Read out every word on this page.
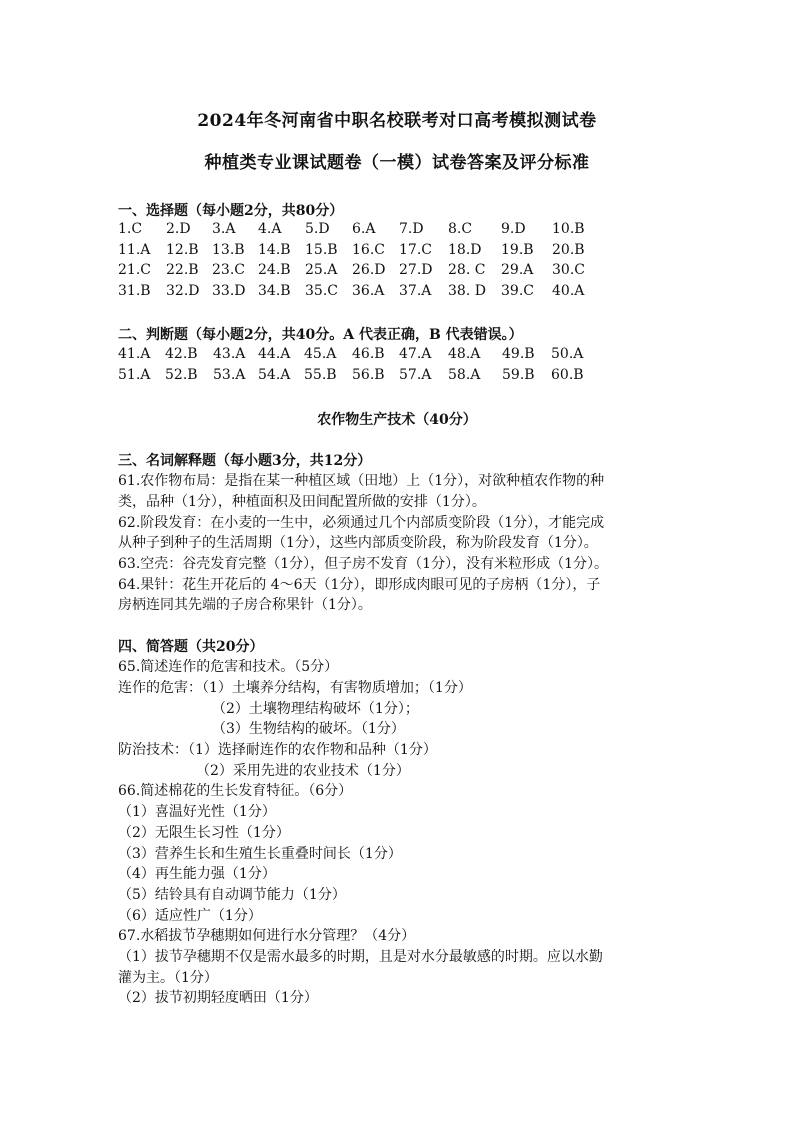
2024年冬河南省中职名校联考对口高考模拟测试卷
种植类专业课试题卷（一模）试卷答案及评分标准
一、选择题（每小题2分，共80分）
1.C 2.D 3.A 4.A 5.D 6.A 7.D 8.C 9.D 10.B
11.A 12.B 13.B 14.B 15.B 16.C 17.C 18.D 19.B 20.B
21.C 22.B 23.C 24.B 25.A 26.D 27.D 28. C 29.A 30.C
31.B 32.D 33.D 34.B 35.C 36.A 37.A 38. D 39.C 40.A
二、判断题（每小题2分，共40分。A 代表正确，B 代表错误。）
41.A 42.B 43.A 44.A 45.A 46.B 47.A 48.A 49.B 50.A
51.A 52.B 53.A 54.A 55.B 56.B 57.A 58.A 59.B 60.B
农作物生产技术（40分）
三、名词解释题（每小题3分，共12分）
61.农作物布局：是指在某一种植区域（田地）上（1分），对欲种植农作物的种
类，品种（1分），种植面积及田间配置所做的安排（1分）。
62.阶段发育：在小麦的一生中，必须通过几个内部质变阶段（1分），才能完成
从种子到种子的生活周期（1分），这些内部质变阶段，称为阶段发育（1分）。
63.空壳：谷壳发育完整（1分），但子房不发育（1分），没有米粒形成（1分）。
64.果针：花生开花后的 4～6天（1分），即形成肉眼可见的子房柄（1分），子
房柄连同其先端的子房合称果针（1分）。
四、简答题（共20分）
65.简述连作的危害和技术。（5分）
连作的危害：（1）土壤养分结构，有害物质增加；（1分）
（2）土壤物理结构破坏（1分）；
（3）生物结构的破坏。（1分）
防治技术：（1）选择耐连作的农作物和品种（1分）
（2）采用先进的农业技术（1分）
66.简述棉花的生长发育特征。（6分）
（1）喜温好光性（1分）
（2）无限生长习性（1分）
（3）营养生长和生殖生长重叠时间长（1分）
（4）再生能力强（1分）
（5）结铃具有自动调节能力（1分）
（6）适应性广（1分）
67.水稻拔节孕穗期如何进行水分管理？（4分）
（1）拔节孕穗期不仅是需水最多的时期，且是对水分最敏感的时期。应以水勤
灌为主。（1分）
（2）拔节初期轻度晒田（1分）
